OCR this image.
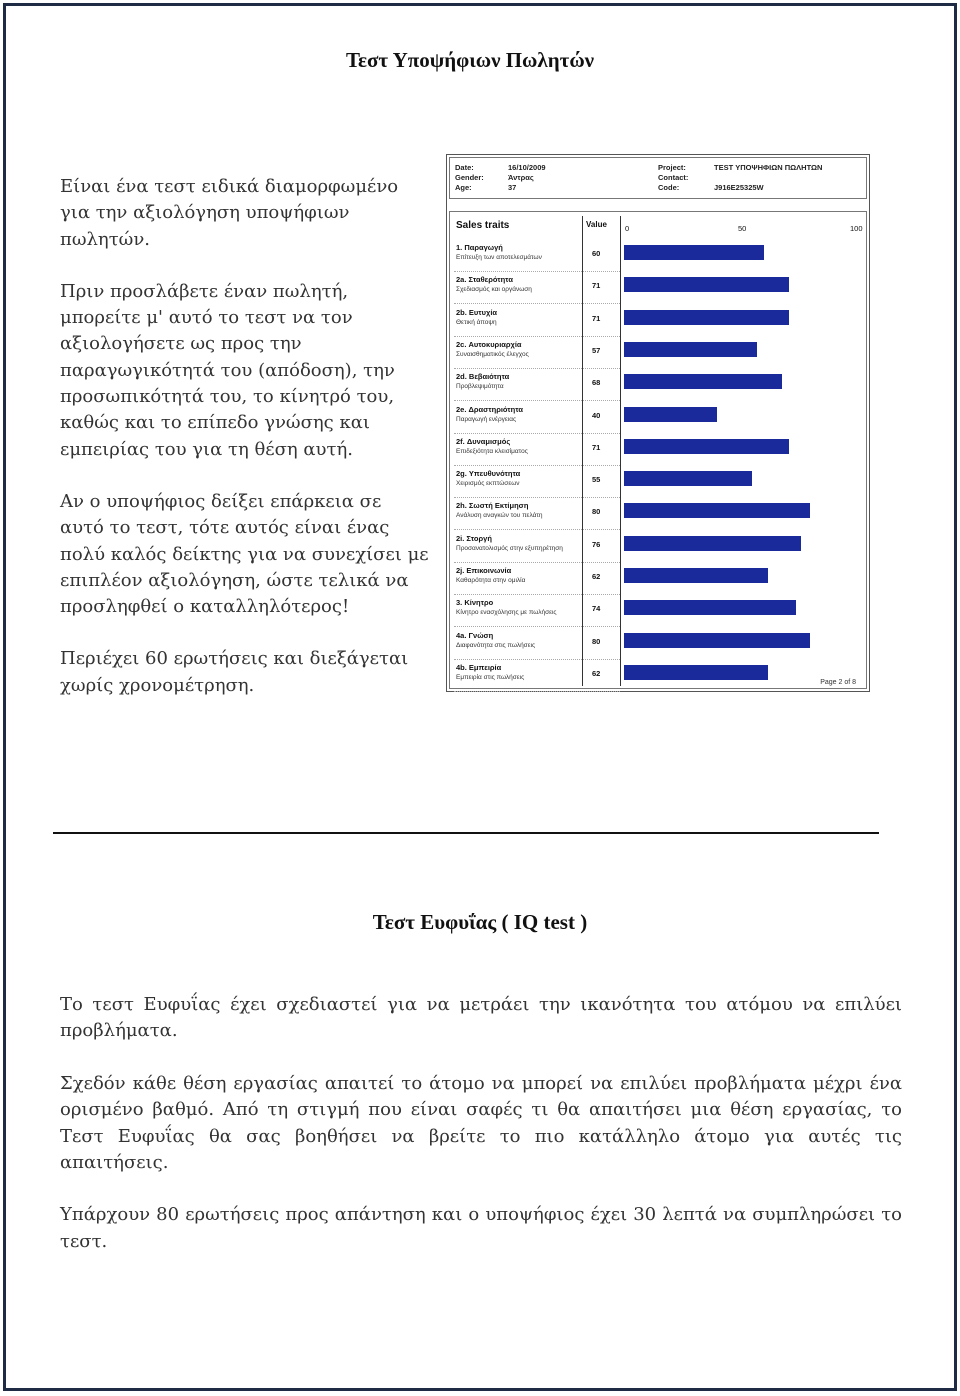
Τεστ Υποψήφιων Πωλητών

Είναι ένα τεστ ειδικά διαμορφωμένο για την αξιολόγηση υποψήφιων πωλητών.

Πριν προσλάβετε έναν πωλητή, μπορείτε μ' αυτό το τεστ να τον αξιολογήσετε ως προς την παραγωγικότητά του (απόδοση), την προσωπικότητά του, το κίνητρό του, καθώς και το επίπεδο γνώσης και εμπειρίας του για τη θέση αυτή.

Αν ο υποψήφιος δείξει επάρκεια σε αυτό το τεστ, τότε αυτός είναι ένας πολύ καλός δείκτης για να συνεχίσει με επιπλέον αξιολόγηση, ώστε τελικά να προσληφθεί ο καταλληλότερος!

Περιέχει 60 ερωτήσεις και διεξάγεται χωρίς χρονομέτρηση.

Date:	16/10/2009
Gender:	Άντρας
Age:	37
Project:	TEST ΥΠΟΨΗΦΙΩΝ ΠΩΛΗΤΩΝ
Contact:
Code:	J916E25325W
Sales traits	Value 0	50	100
1. Παραγωγή
Επίτευξη των αποτελεσμάτων	60
2a. Σταθερότητα
Σχεδιασμός και οργάνωση	71
2b. Ευτυχία
Θετική άποψη	71
2c. Αυτοκυριαρχία
Συναισθηματικός έλεγχος	57
2d. Βεβαιότητα
Προβλεψιμότητα	68
2e. Δραστηριότητα
Παραγωγή ενέργειας	40
2f. Δυναμισμός
Επιδεξιότητα κλεισίματος	71
2g. Υπευθυνότητα
Χειρισμός εκπτώσεων	55
2h. Σωστή Εκτίμηση
Ανάλυση αναγκών του πελάτη	80
2i. Στοργή
Προσανατολισμός στην εξυπηρέτηση	76
2j. Επικοινωνία
Καθαρότητα στην ομιλία	62
3. Κίνητρο
Κίνητρο ενασχόλησης με πωλήσεις	74
4a. Γνώση
Διαφανότητα στις πωλήσεις	80
4b. Εμπειρία
Εμπειρία στις πωλήσεις	62
Page 2 of 8
Τεστ Ευφυΐας ( IQ test )

Το τεστ Ευφυΐας έχει σχεδιαστεί για να μετράει την ικανότητα του ατόμου να επιλύει προβλήματα.

Σχεδόν κάθε θέση εργασίας απαιτεί το άτομο να μπορεί να επιλύει προβλήματα μέχρι ένα ορισμένο βαθμό. Από τη στιγμή που είναι σαφές τι θα απαιτήσει μια θέση εργασίας, το Τεστ Ευφυΐας θα σας βοηθήσει να βρείτε το πιο κατάλληλο άτομο για αυτές τις απαιτήσεις.

Υπάρχουν 80 ερωτήσεις προς απάντηση και ο υποψήφιος έχει 30 λεπτά να συμπληρώσει το τεστ.
